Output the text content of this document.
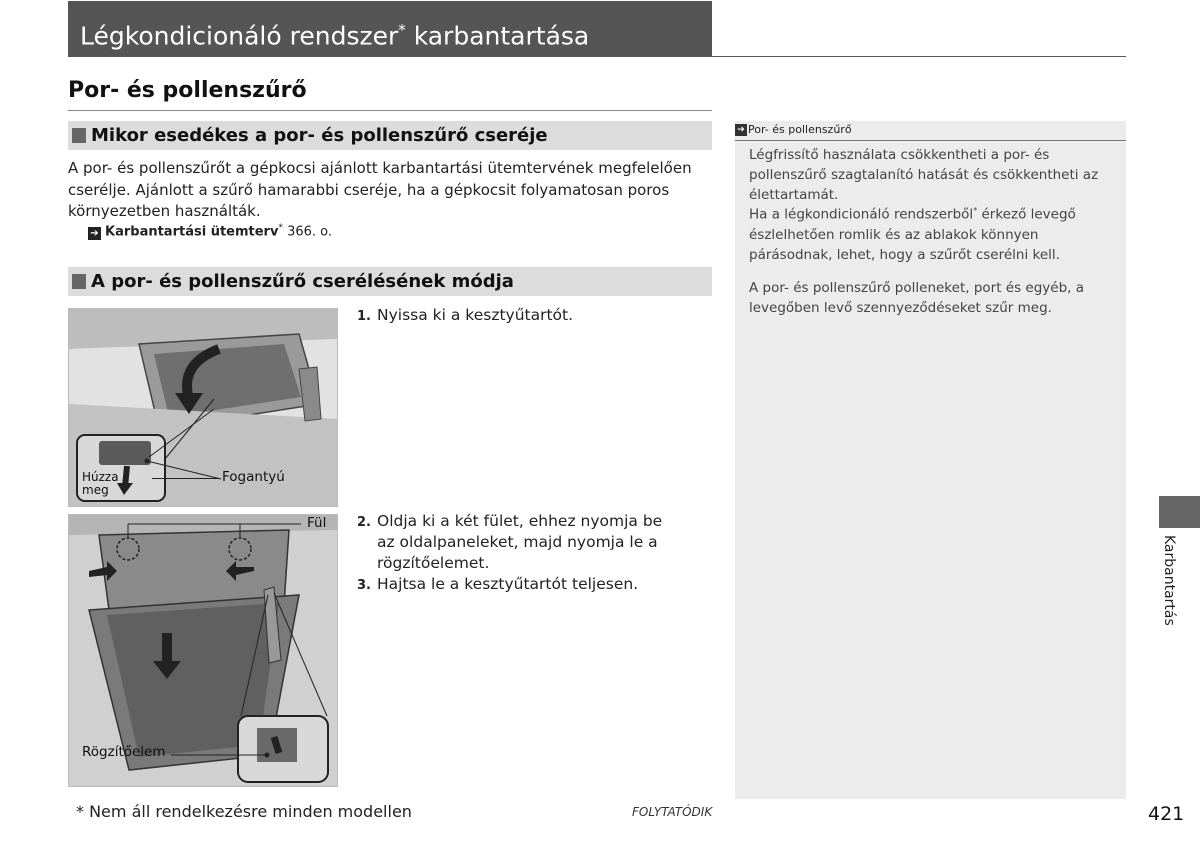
Légkondicionáló rendszer* karbantartása
Por- és pollenszűrő
Mikor esedékes a por- és pollenszűrő cseréje
A por- és pollenszűrőt a gépkocsi ajánlott karbantartási ütemtervének megfelelően cserélje. Ajánlott a szűrő hamarabbi cseréje, ha a gépkocsit folyamatosan poros környezetben használták.
➔ Karbantartási ütemterv* 366. o.
A por- és pollenszűrő cserélésének módja
Húzza meg
Fogantyú
Fül
Rögzítőelem
1. Nyissa ki a kesztyűtartót.
2. Oldja ki a két fület, ehhez nyomja be az oldalpaneleket, majd nyomja le a rögzítőelemet.
3. Hajtsa le a kesztyűtartót teljesen.
➔ Por- és pollenszűrő
Légfrissítő használata csökkentheti a por- és pollenszűrő szagtalanító hatását és csökkentheti az élettartamát.
Ha a légkondicionáló rendszerből* érkező levegő észlelhetően romlik és az ablakok könnyen párásodnak, lehet, hogy a szűrőt cserélni kell.
A por- és pollenszűrő polleneket, port és egyéb, a levegőben levő szennyeződéseket szűr meg.
Karbantartás
* Nem áll rendelkezésre minden modellen	FOLYTATÓDIK	421
